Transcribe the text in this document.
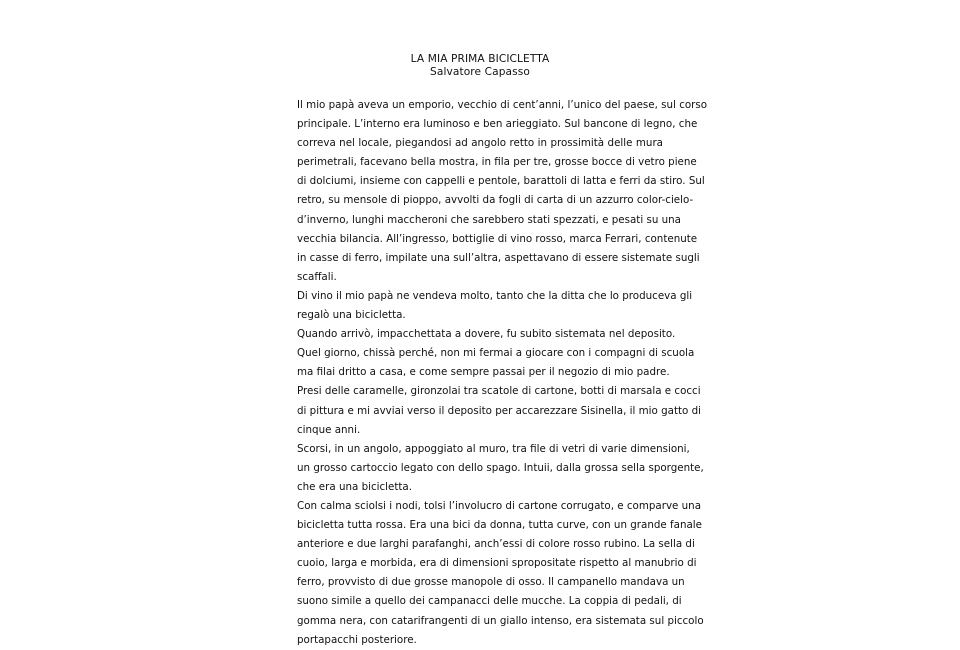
LA MIA PRIMA BICICLETTA
Salvatore Capasso
Il mio papà aveva un emporio, vecchio di cent’anni, l’unico del paese, sul corso
principale. L’interno era luminoso e ben arieggiato. Sul bancone di legno, che
correva nel locale, piegandosi ad angolo retto in prossimità delle mura
perimetrali, facevano bella mostra, in fila per tre, grosse bocce di vetro piene
di dolciumi, insieme con cappelli e pentole, barattoli di latta e ferri da stiro. Sul
retro, su mensole di pioppo, avvolti da fogli di carta di un azzurro color-cielo-
d’inverno, lunghi maccheroni che sarebbero stati spezzati, e pesati su una
vecchia bilancia. All’ingresso, bottiglie di vino rosso, marca Ferrari, contenute
in casse di ferro, impilate una sull’altra, aspettavano di essere sistemate sugli
scaffali.
Di vino il mio papà ne vendeva molto, tanto che la ditta che lo produceva gli
regalò una bicicletta.
Quando arrivò, impacchettata a dovere, fu subito sistemata nel deposito.
Quel giorno, chissà perché, non mi fermai a giocare con i compagni di scuola
ma filai dritto a casa, e come sempre passai per il negozio di mio padre.
Presi delle caramelle, gironzolai tra scatole di cartone, botti di marsala e cocci
di pittura e mi avviai verso il deposito per accarezzare Sisinella, il mio gatto di
cinque anni.
Scorsi, in un angolo, appoggiato al muro, tra file di vetri di varie dimensioni,
un grosso cartoccio legato con dello spago. Intuii, dalla grossa sella sporgente,
che era una bicicletta.
Con calma sciolsi i nodi, tolsi l’involucro di cartone corrugato, e comparve una
bicicletta tutta rossa. Era una bici da donna, tutta curve, con un grande fanale
anteriore e due larghi parafanghi, anch’essi di colore rosso rubino. La sella di
cuoio, larga e morbida, era di dimensioni spropositate rispetto al manubrio di
ferro, provvisto di due grosse manopole di osso. Il campanello mandava un
suono simile a quello dei campanacci delle mucche. La coppia di pedali, di
gomma nera, con catarifrangenti di un giallo intenso, era sistemata sul piccolo
portapacchi posteriore.
